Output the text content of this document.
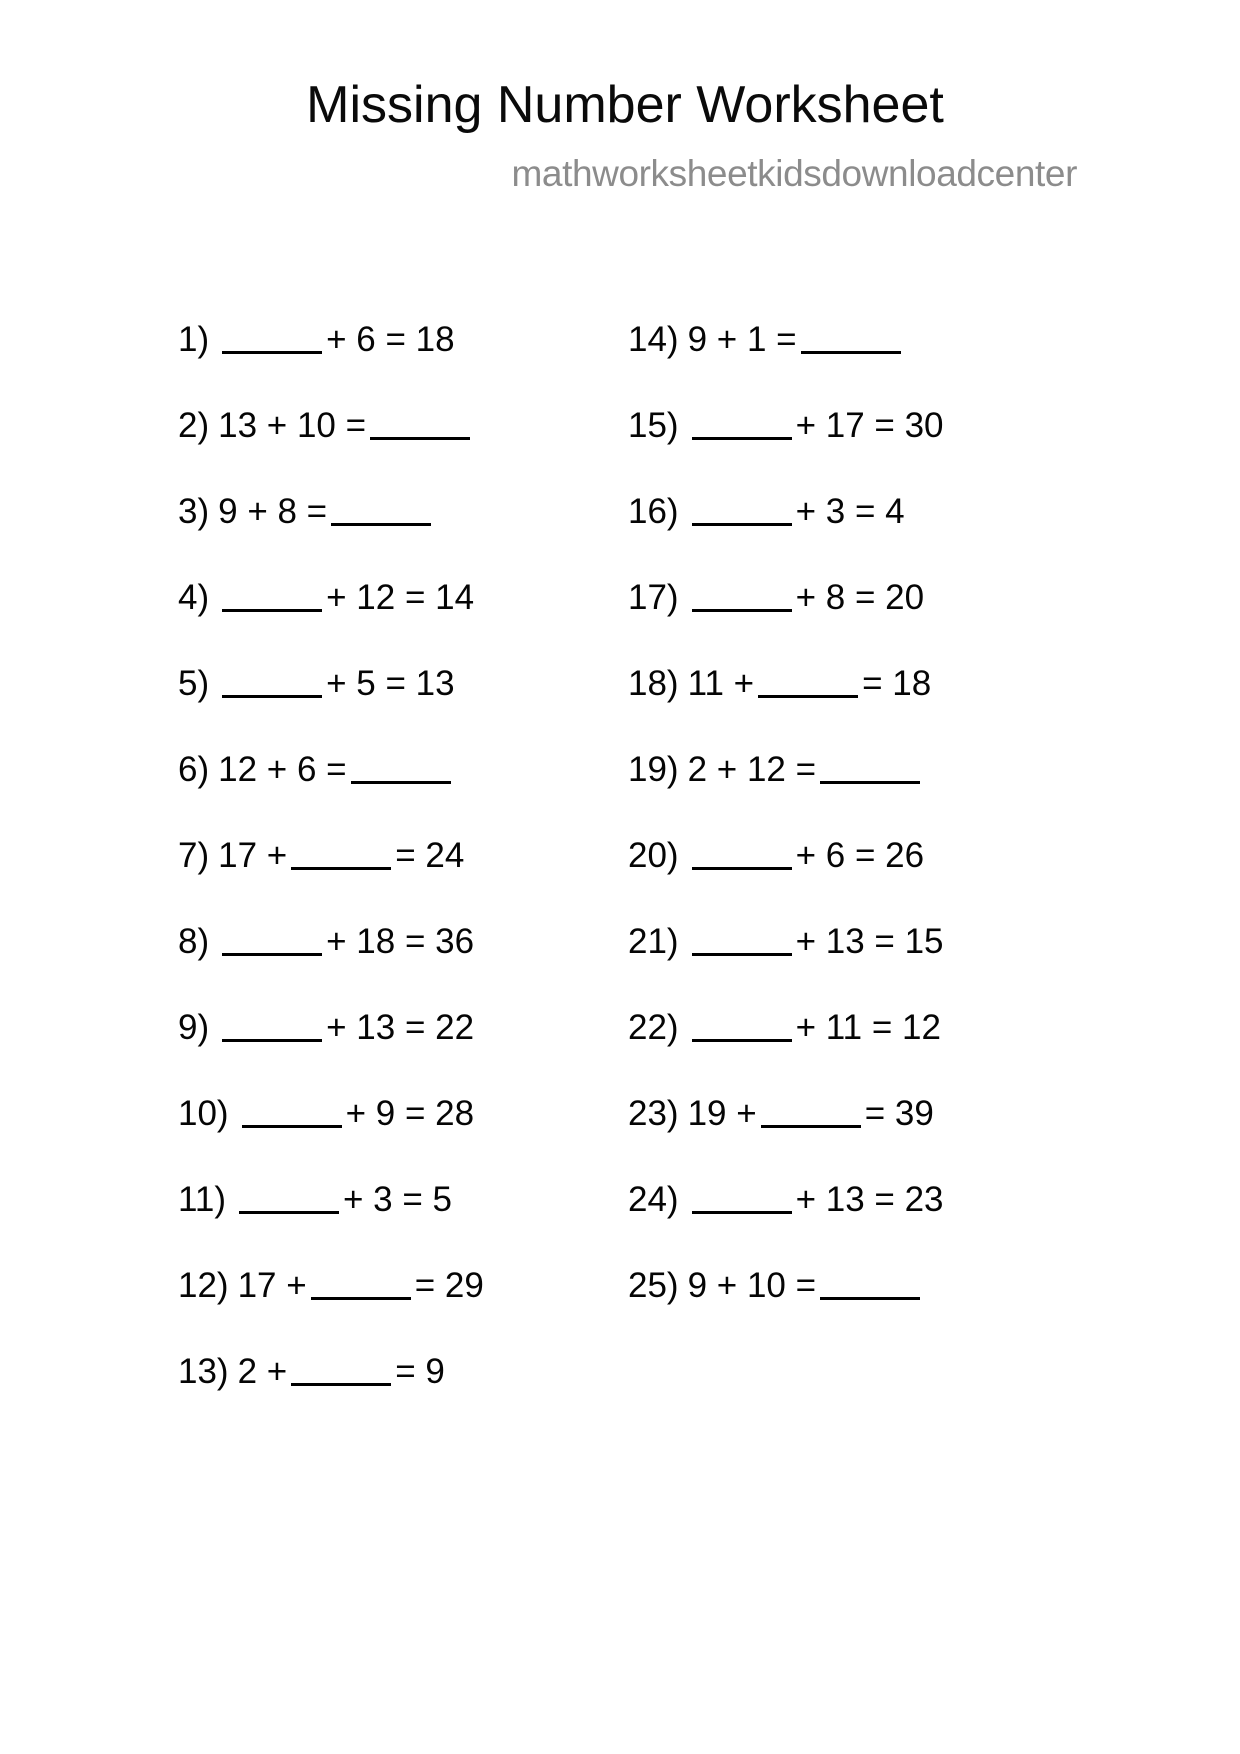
Missing Number Worksheet
mathworksheetkidsdownloadcenter
1)	+ 6 = 18
2) 13 + 10 =
3) 9 + 8 =
4)	+ 12 = 14
5)	+ 5 = 13
6) 12 + 6 =
7) 17 +	= 24
8)	+ 18 = 36
9)	+ 13 = 22
10)	+ 9 = 28
11)	+ 3 = 5
12) 17 +	= 29
13) 2 +	= 9
14) 9 + 1 =
15)	+ 17 = 30
16)	+ 3 = 4
17)	+ 8 = 20
18) 11 +	= 18
19) 2 + 12 =
20)	+ 6 = 26
21)	+ 13 = 15
22)	+ 11 = 12
23) 19 +	= 39
24)	+ 13 = 23
25) 9 + 10 =
